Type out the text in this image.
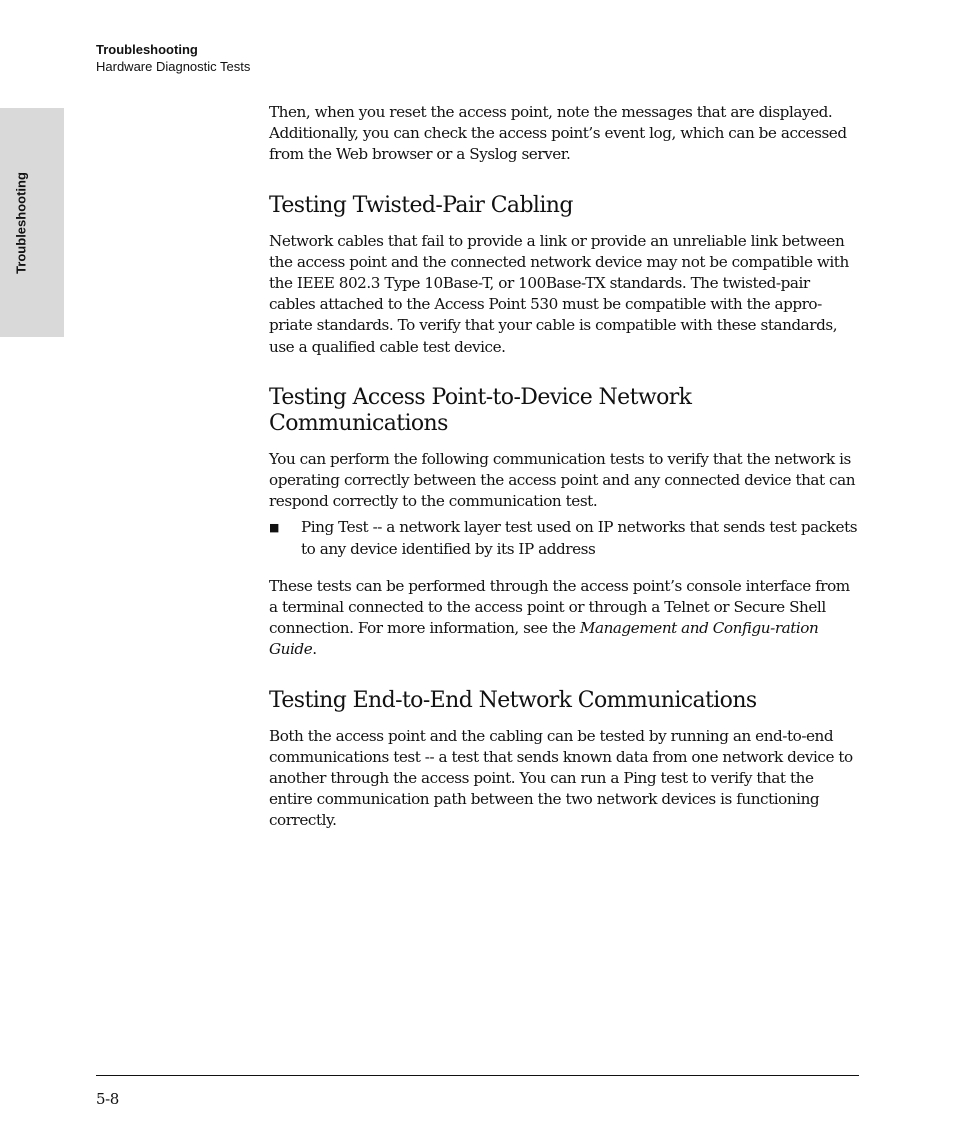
Troubleshooting
Hardware Diagnostic Tests
Troubleshooting

Then, when you reset the access point, note the messages that are displayed. Additionally, you can check the access point’s event log, which can be accessed from the Web browser or a Syslog server.

Testing Twisted-Pair Cabling

Network cables that fail to provide a link or provide an unreliable link between the access point and the connected network device may not be compatible with the IEEE 802.3 Type 10Base-T, or 100Base-TX standards. The twisted-pair cables attached to the Access Point 530 must be compatible with the appro-priate standards. To verify that your cable is compatible with these standards, use a qualified cable test device.

Testing Access Point-to-Device Network Communications

You can perform the following communication tests to verify that the network is operating correctly between the access point and any connected device that can respond correctly to the communication test.

■ Ping Test -- a network layer test used on IP networks that sends test packets to any device identified by its IP address

These tests can be performed through the access point’s console interface from a terminal connected to the access point or through a Telnet or Secure Shell connection. For more information, see the Management and Configu-ration Guide.

Testing End-to-End Network Communications

Both the access point and the cabling can be tested by running an end-to-end communications test -- a test that sends known data from one network device to another through the access point. You can run a Ping test to verify that the entire communication path between the two network devices is functioning correctly.

5-8
